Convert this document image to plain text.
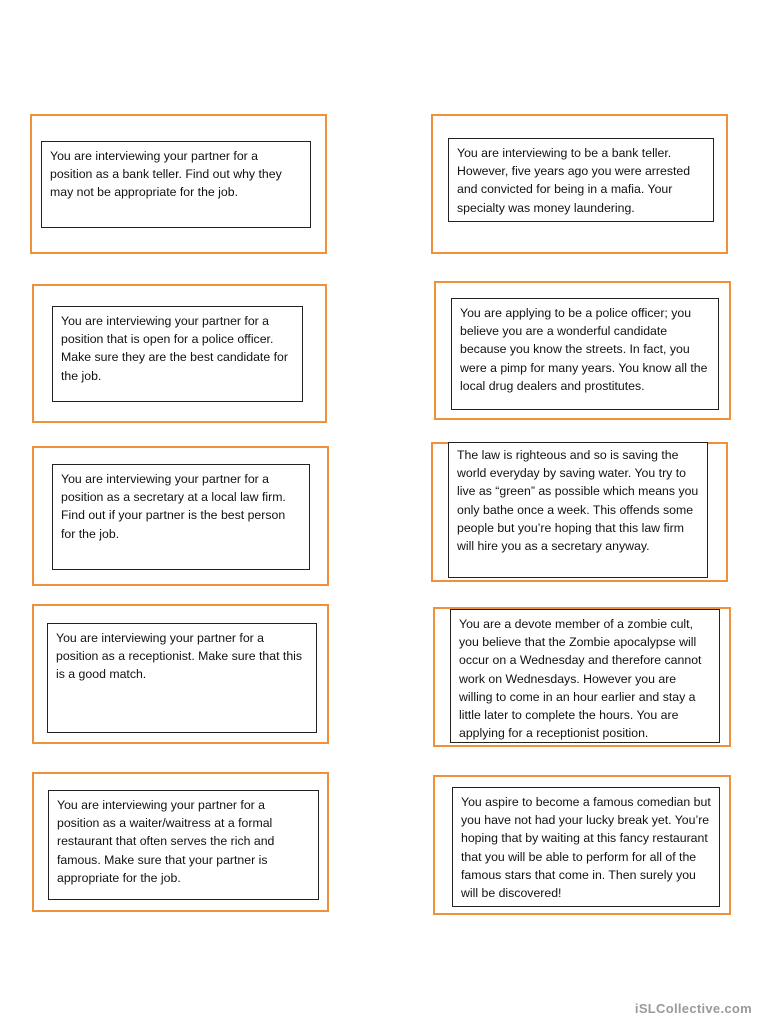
You are interviewing your partner for a position as a bank teller. Find out why they may not be appropriate for the job.
You are interviewing to be a bank teller. However, five years ago you were arrested and convicted for being in a mafia. Your specialty was money laundering.
You are interviewing your partner for a position that is open for a police officer. Make sure they are the best candidate for the job.
You are applying to be a police officer; you believe you are a wonderful candidate because you know the streets. In fact, you were a pimp for many years. You know all the local drug dealers and prostitutes.
You are interviewing your partner for a position as a secretary at a local law firm. Find out if your partner is the best person for the job.
The law is righteous and so is saving the world everyday by saving water. You try to live as “green” as possible which means you only bathe once a week. This offends some people but you’re hoping that this law firm will hire you as a secretary anyway.
You are interviewing your partner for a position as a receptionist. Make sure that this is a good match.
You are a devote member of a zombie cult, you believe that the Zombie apocalypse will occur on a Wednesday and therefore cannot work on Wednesdays. However you are willing to come in an hour earlier and stay a little later to complete the hours. You are applying for a receptionist position.
You are interviewing your partner for a position as a waiter/waitress at a formal restaurant that often serves the rich and famous. Make sure that your partner is appropriate for the job.
You aspire to become a famous comedian but you have not had your lucky break yet. You’re hoping that by waiting at this fancy restaurant that you will be able to perform for all of the famous stars that come in. Then surely you will be discovered!
iSLCollective.com
